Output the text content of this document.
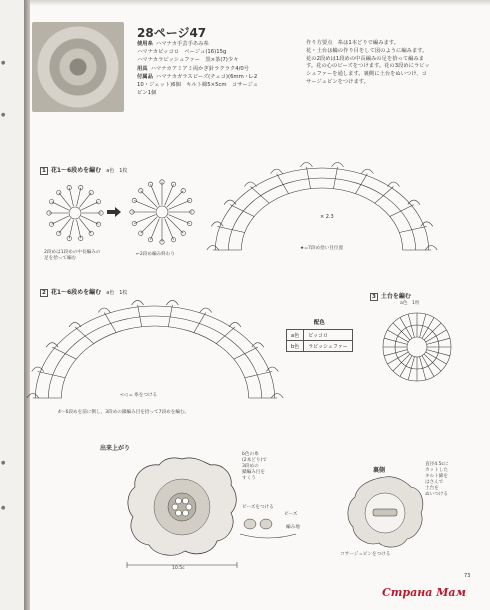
●
●
●
●
28ページ47
使用糸 ハマナカ手芸手あみ糸
ハマナカピッコロ　ベージュ(16)15g
ハマナカラビッシュファー　黒×茶(7)少々
用具 ハマナカアミアミ両かぎ針ラクラク4/0号
付属品 ハマナカガラスビーズ(チェコ)(6mm・L-2
10・ジェット)6個　キルト綿5×5cm　コサージュ
ピン1個
作り方要点　糸は1本どりで編みます。
花・土台は輪の作り目をして図のように編みます。
花の2段めは1段めの中長編みの足を拾って編みま
す。花の心のビーズをつけます。花の3段めにラビッ
シュファーを通します。裏側に土台をぬいつけ、コ
サージュピンをつけます。
1 花1～6段めを編む a色　1枚
2段めは1段めの中長編みの
足を拾って編む
←2段め編み終わり
× 2.3
★=7段め拾い目位置
2 花1～6段めを編む a色　1枚
<◁ = 糸をつける
4～6段めを前に倒し、3段めの鎖編み目を拾って7段めを編む。
配色
a色	ピッコロ
b色	ラビッシュファー
3 土台を編む
a色　1枚
出来上がり
b色の糸
(2本どり)で
3段めの
鎖編み目を
すくう
ビーズをつける
ビーズ
編み地
10.5c
裏側
直径4.5cに
カットした
キルト綿を
はさんで
土台を
ぬいつける
コサージュピンをつける
73
Страна Мам
